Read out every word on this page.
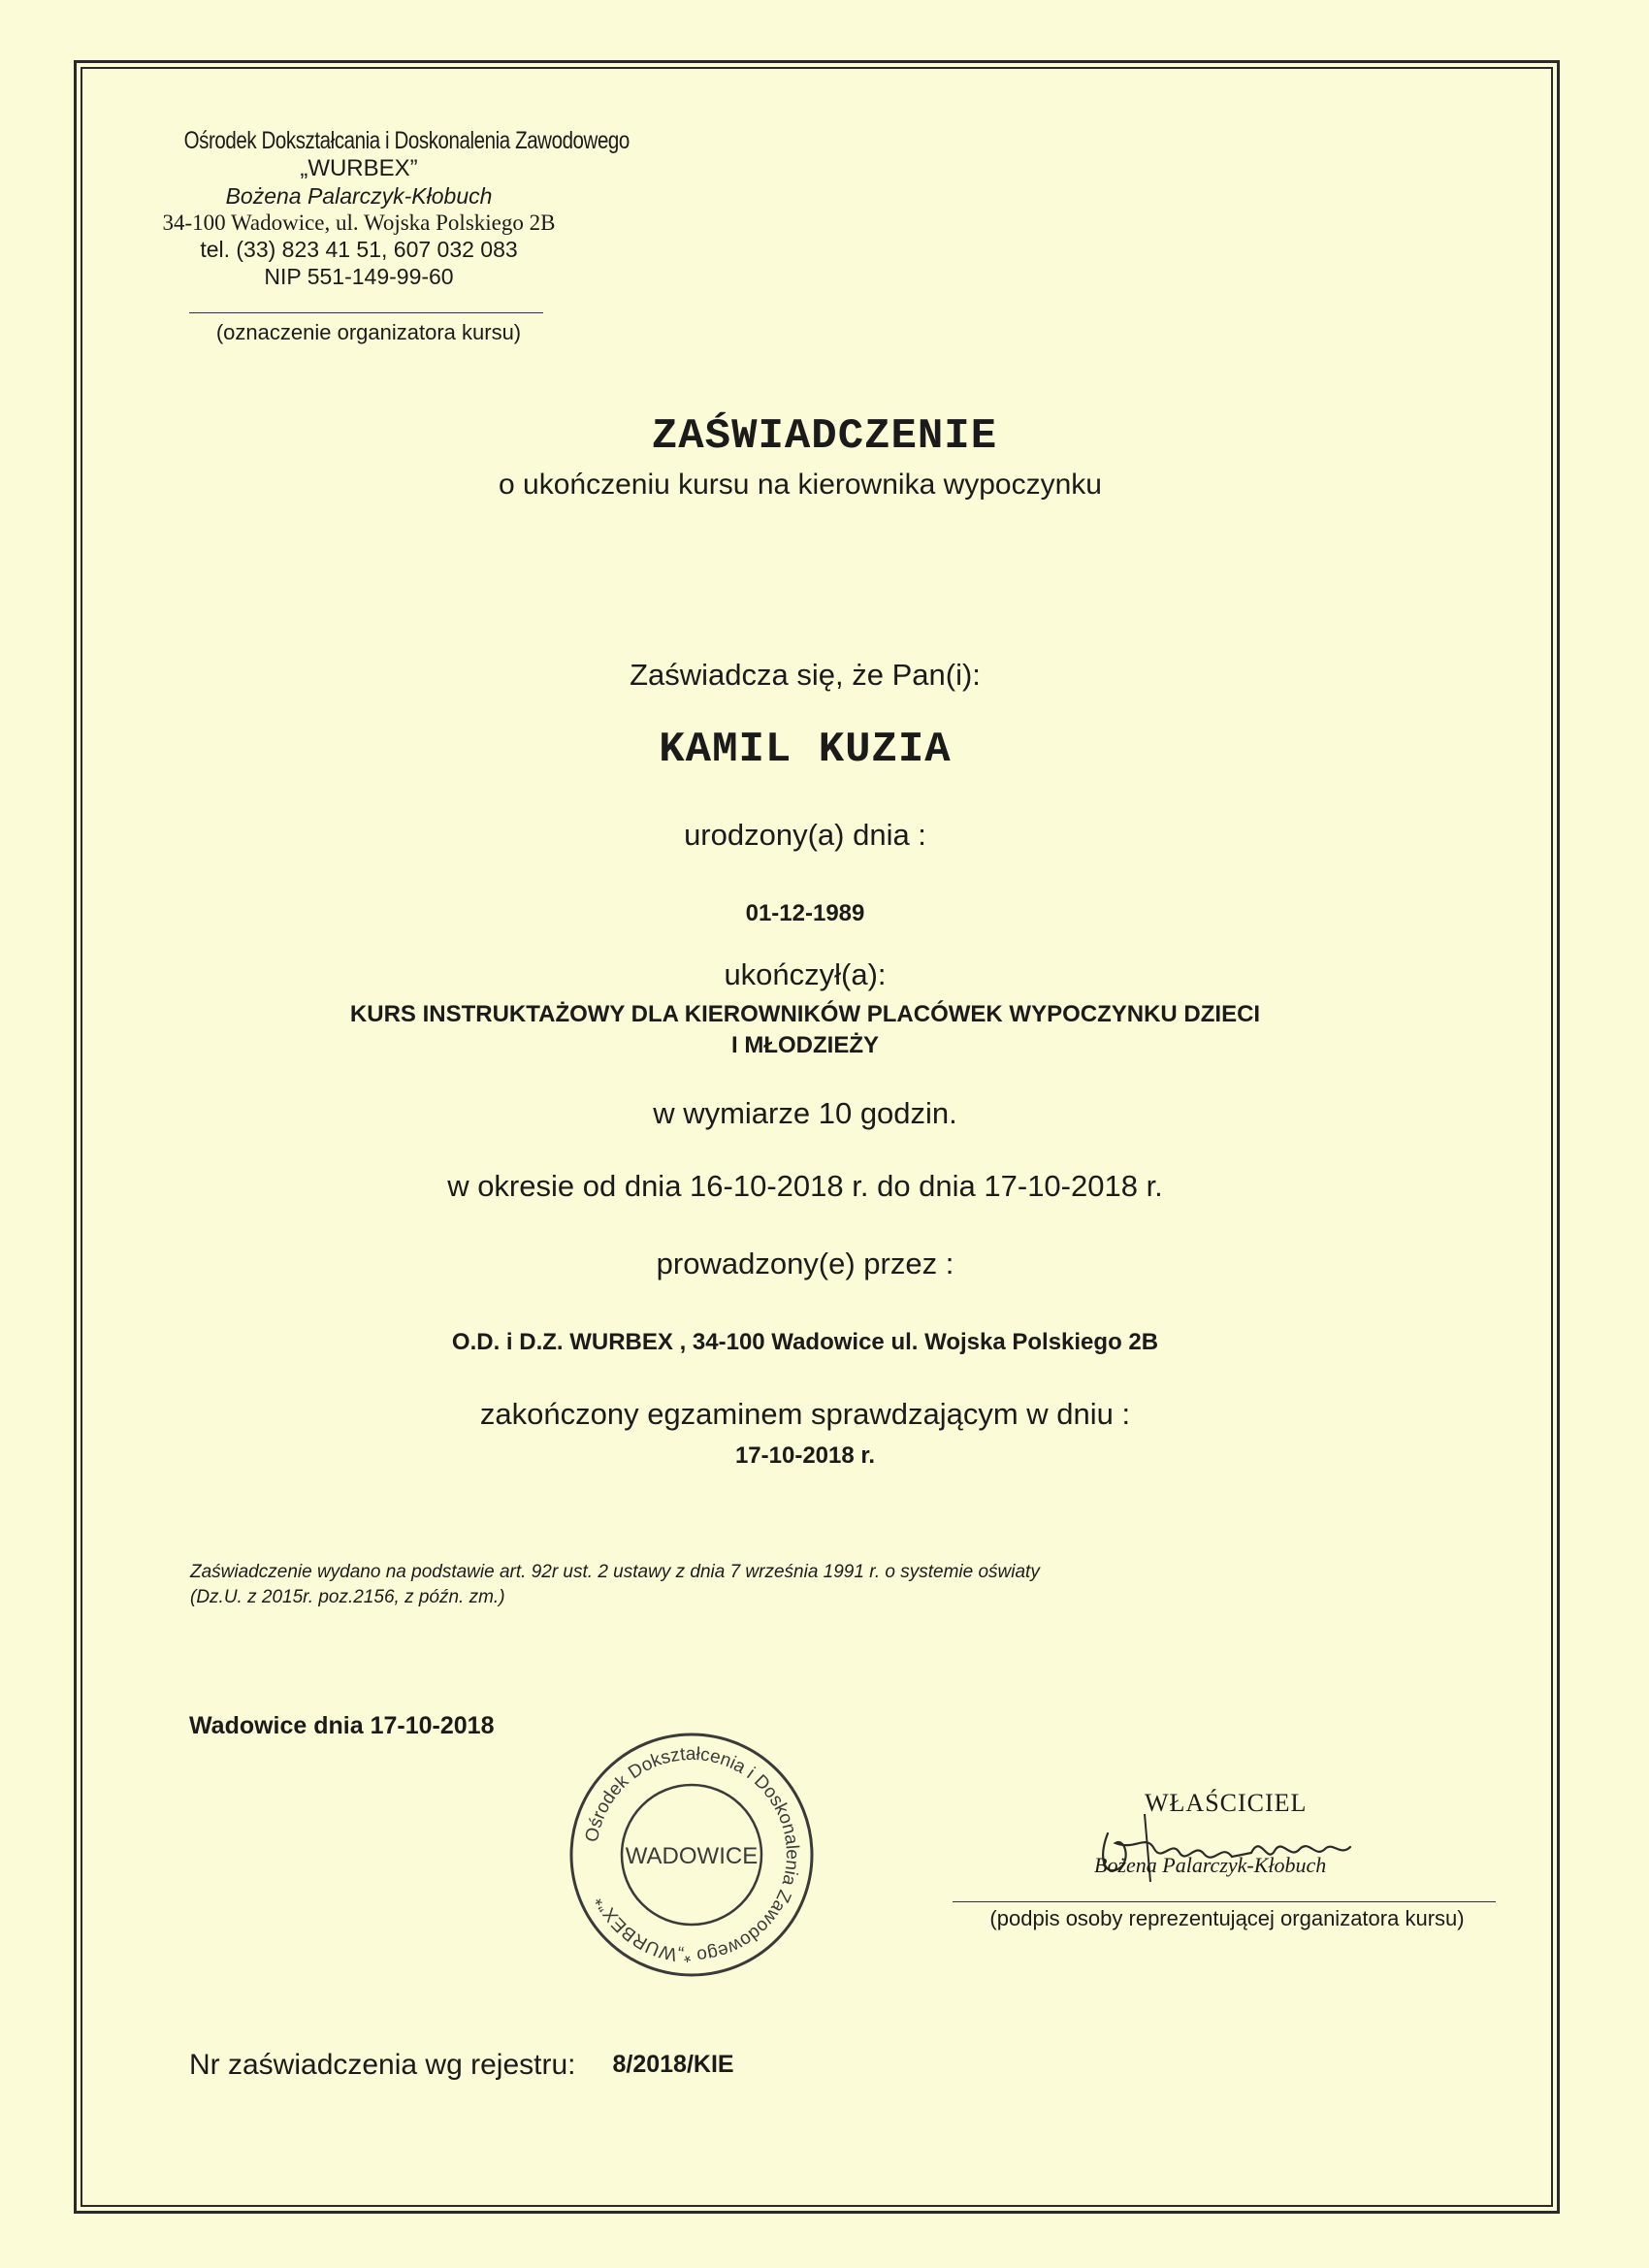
Ośrodek Dokształcania i Doskonalenia Zawodowego
„WURBEX”
Bożena Palarczyk-Kłobuch
34-100 Wadowice, ul. Wojska Polskiego 2B
tel. (33) 823 41 51, 607 032 083
NIP 551-149-99-60
(oznaczenie organizatora kursu)
ZAŚWIADCZENIE
o ukończeniu kursu na kierownika wypoczynku
Zaświadcza się, że Pan(i):
KAMIL KUZIA
urodzony(a) dnia :
01-12-1989
ukończył(a):
KURS INSTRUKTAŻOWY DLA KIEROWNIKÓW PLACÓWEK WYPOCZYNKU DZIECI
I MŁODZIEŻY
w wymiarze 10 godzin.
w okresie od dnia 16-10-2018 r. do dnia 17-10-2018 r.
prowadzony(e) przez :
O.D. i D.Z. WURBEX , 34-100 Wadowice ul. Wojska Polskiego 2B
zakończony egzaminem sprawdzającym w dniu :
17-10-2018 r.
Zaświadczenie wydano na podstawie art. 92r ust. 2 ustawy z dnia 7 września 1991 r. o systemie oświaty
(Dz.U. z 2015r. poz.2156, z późn. zm.)
Wadowice dnia 17-10-2018
Ośrodek Dokształcenia i Doskonalenia Zawodowego *„WURBEX”*
WADOWICE
WŁAŚCICIEL
Bożena Palarczyk-Kłobuch
(podpis osoby reprezentującej organizatora kursu)
Nr zaświadczenia wg rejestru: 8/2018/KIE
